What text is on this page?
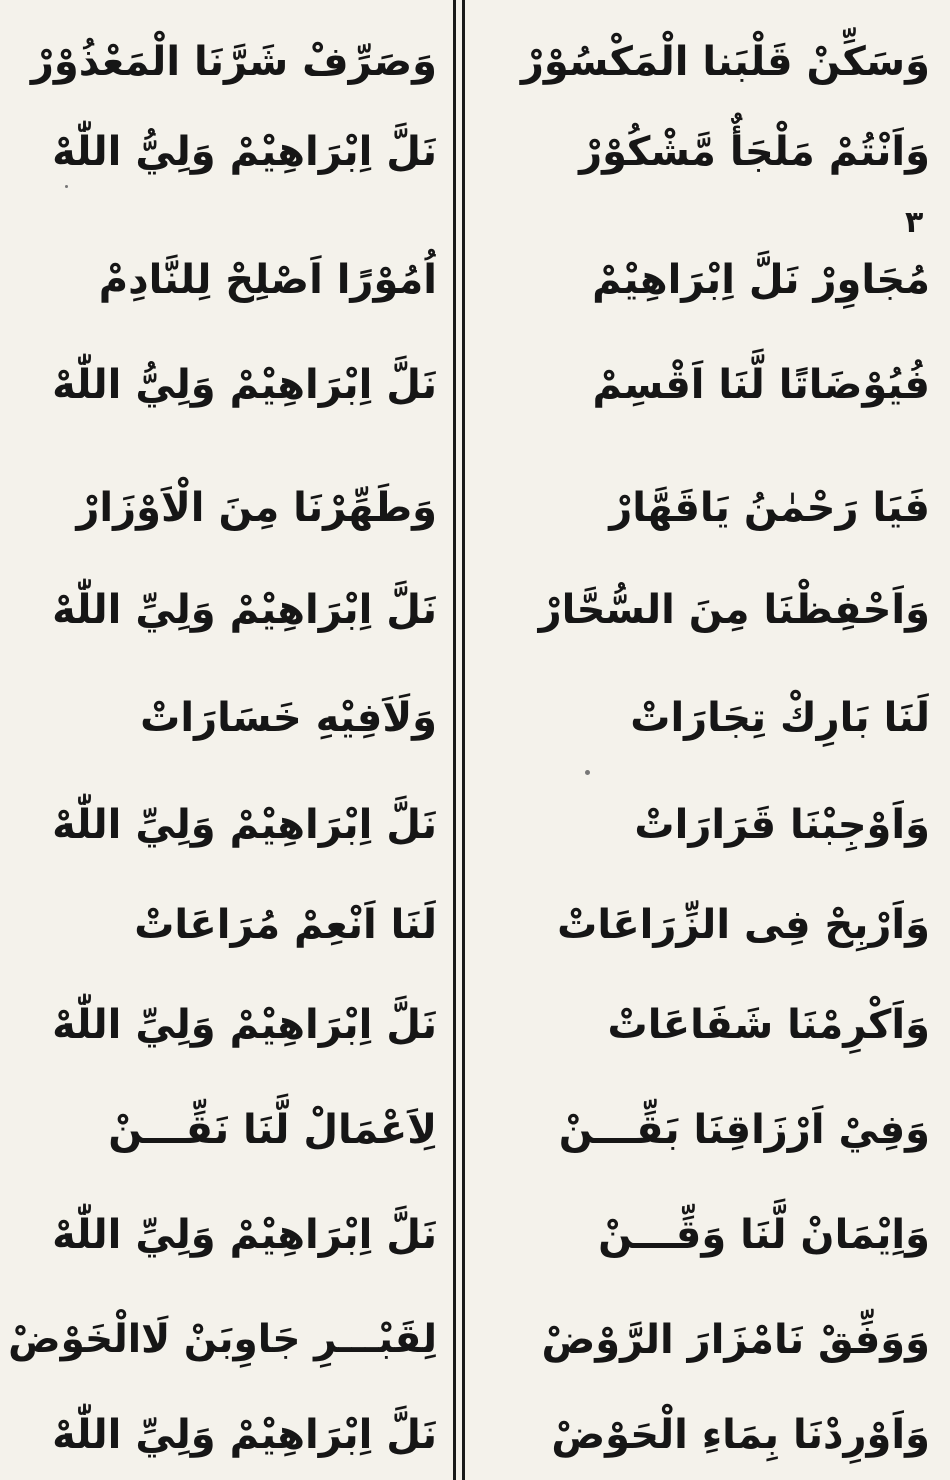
وَسَكِّنْ قَلْبَنا الْمَكْسُوْرْ
وَاَنْتُمْ مَلْجَأٌ مَّشْكُوْرْ
مُجَاوِرْ نَلَّ اِبْرَاهِيْمْ
فُيُوْضَاتًا لَّنَا اَقْسِمْ
فَيَا رَحْمٰنُ يَاقَهَّارْ
وَاَحْفِظْنَا مِنَ السُّحَّارْ
لَنَا بَارِكْ تِجَارَاتْ
وَاَوْجِبْنَا قَرَارَاتْ
وَاَرْبِحْ فِى الزِّرَاعَاتْ
وَاَكْرِمْنَا شَفَاعَاتْ
وَفِيْ اَرْزَاقِنَا بَقِّـــنْ
وَاِيْمَانْ لَّنَا وَقِّـــنْ
وَوَفِّقْ نَامْزَارَ الرَّوْضْ
وَاَوْرِدْنَا بِمَاءِ الْحَوْضْ
٣
وَصَرِّفْ شَرَّنَا الْمَعْذُوْرْ
نَلَّ اِبْرَاهِيْمْ وَلِيُّ اللّٰهْ
اُمُوْرًا اَصْلِحْ لِلنَّادِمْ
نَلَّ اِبْرَاهِيْمْ وَلِيُّ اللّٰهْ
وَطَهِّرْنَا مِنَ الْاَوْزَارْ
نَلَّ اِبْرَاهِيْمْ وَلِيِّ اللّٰهْ
وَلَاَفِيْهِ خَسَارَاتْ
نَلَّ اِبْرَاهِيْمْ وَلِيِّ اللّٰهْ
لَنَا اَنْعِمْ مُرَاعَاتْ
نَلَّ اِبْرَاهِيْمْ وَلِيِّ اللّٰهْ
لِاَعْمَالْ لَّنَا نَقِّـــنْ
نَلَّ اِبْرَاهِيْمْ وَلِيِّ اللّٰهْ
لِقَبْـــرِ جَاوِبَنْ لَاالْخَوْضْ
نَلَّ اِبْرَاهِيْمْ وَلِيِّ اللّٰهْ
